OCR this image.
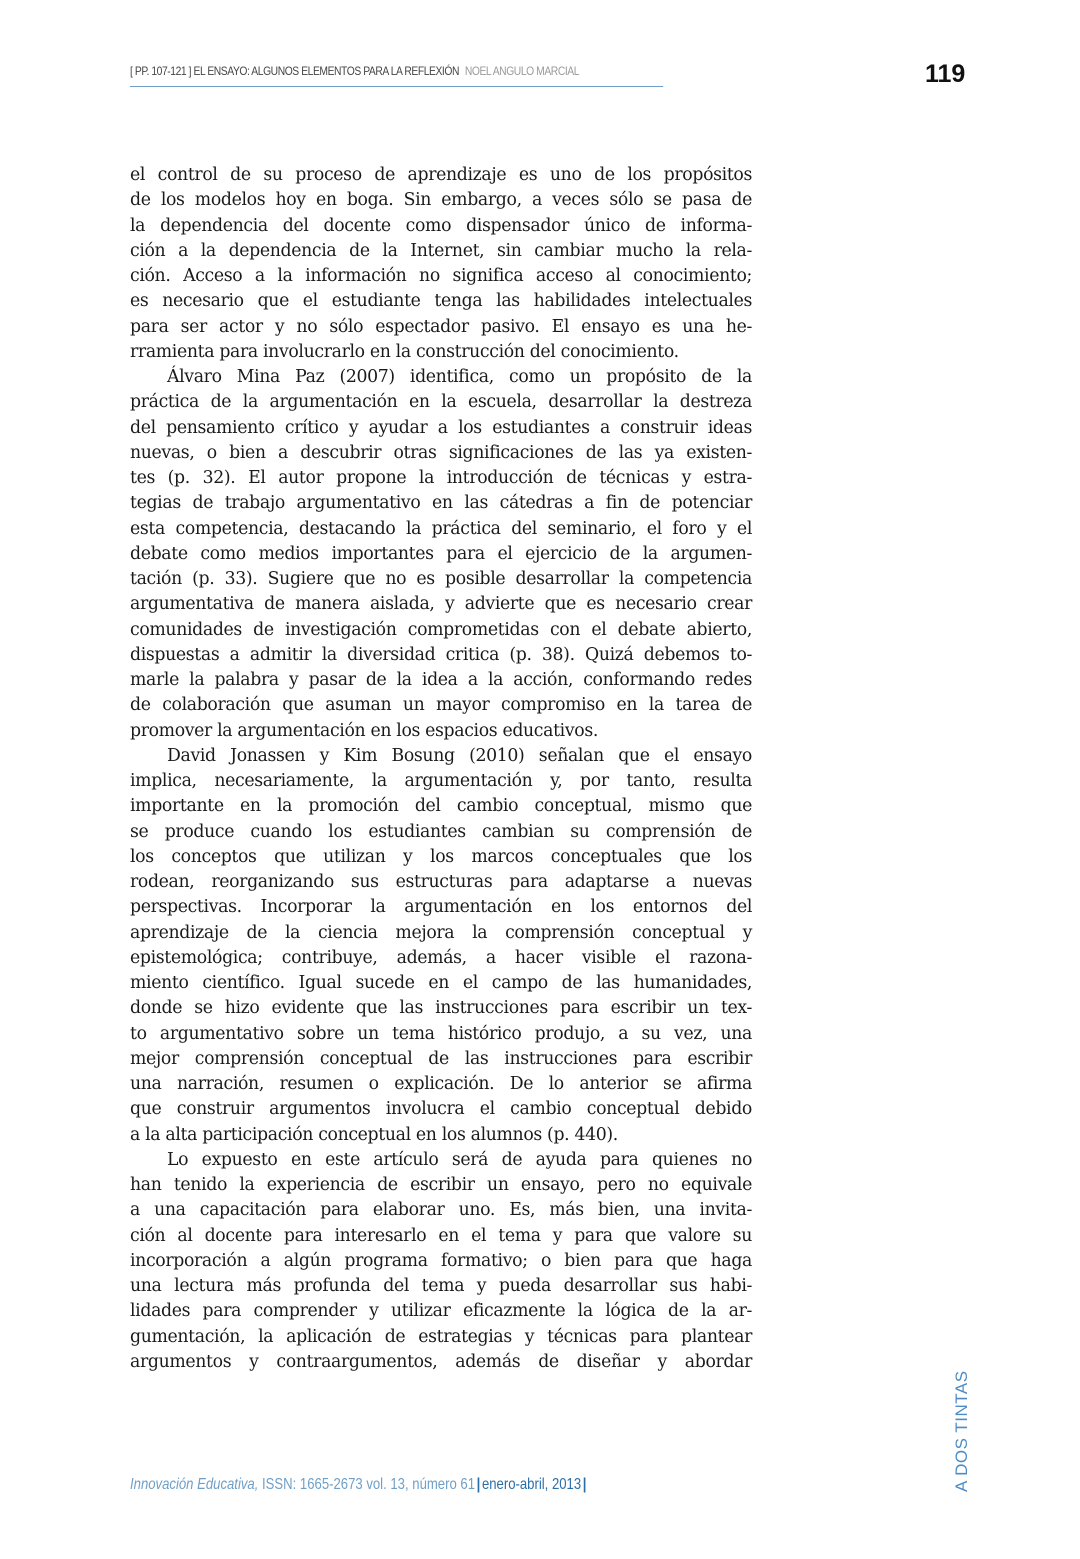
[ PP. 107-121 ] EL ENSAYO: ALGUNOS ELEMENTOS PARA LA REFLEXIÓN NOEL ANGULO MARCIAL	119
el control de su proceso de aprendizaje es uno de los propósitos
de los modelos hoy en boga. Sin embargo, a veces sólo se pasa de
la dependencia del docente como dispensador único de informa-
ción a la dependencia de la Internet, sin cambiar mucho la rela-
ción. Acceso a la información no significa acceso al conocimiento;
es necesario que el estudiante tenga las habilidades intelectuales
para ser actor y no sólo espectador pasivo. El ensayo es una he-
rramienta para involucrarlo en la construcción del conocimiento.
Álvaro Mina Paz (2007) identifica, como un propósito de la
práctica de la argumentación en la escuela, desarrollar la destreza
del pensamiento crítico y ayudar a los estudiantes a construir ideas
nuevas, o bien a descubrir otras significaciones de las ya existen-
tes (p. 32). El autor propone la introducción de técnicas y estra-
tegias de trabajo argumentativo en las cátedras a fin de potenciar
esta competencia, destacando la práctica del seminario, el foro y el
debate como medios importantes para el ejercicio de la argumen-
tación (p. 33). Sugiere que no es posible desarrollar la competencia
argumentativa de manera aislada, y advierte que es necesario crear
comunidades de investigación comprometidas con el debate abierto,
dispuestas a admitir la diversidad critica (p. 38). Quizá debemos to-
marle la palabra y pasar de la idea a la acción, conformando redes
de colaboración que asuman un mayor compromiso en la tarea de
promover la argumentación en los espacios educativos.
David Jonassen y Kim Bosung (2010) señalan que el ensayo
implica, necesariamente, la argumentación y, por tanto, resulta
importante en la promoción del cambio conceptual, mismo que
se produce cuando los estudiantes cambian su comprensión de
los conceptos que utilizan y los marcos conceptuales que los
rodean, reorganizando sus estructuras para adaptarse a nuevas
perspectivas. Incorporar la argumentación en los entornos del
aprendizaje de la ciencia mejora la comprensión conceptual y
epistemológica; contribuye, además, a hacer visible el razona-
miento científico. Igual sucede en el campo de las humanidades,
donde se hizo evidente que las instrucciones para escribir un tex-
to argumentativo sobre un tema histórico produjo, a su vez, una
mejor comprensión conceptual de las instrucciones para escribir
una narración, resumen o explicación. De lo anterior se afirma
que construir argumentos involucra el cambio conceptual debido
a la alta participación conceptual en los alumnos (p. 440).
Lo expuesto en este artículo será de ayuda para quienes no
han tenido la experiencia de escribir un ensayo, pero no equivale
a una capacitación para elaborar uno. Es, más bien, una invita-
ción al docente para interesarlo en el tema y para que valore su
incorporación a algún programa formativo; o bien para que haga
una lectura más profunda del tema y pueda desarrollar sus habi-
lidades para comprender y utilizar eficazmente la lógica de la ar-
gumentación, la aplicación de estrategias y técnicas para plantear
argumentos y contraargumentos, además de diseñar y abordar
Innovación Educativa, ISSN: 1665-2673 vol. 13, número 61 | enero-abril, 2013 |	A DOS TINTAS
